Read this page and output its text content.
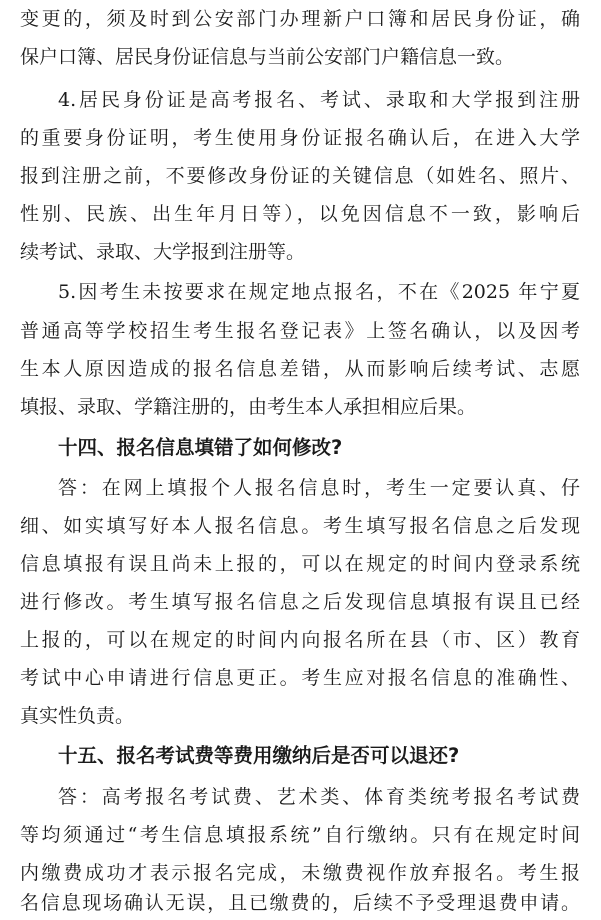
变更的，须及时到公安部门办理新户口簿和居民身份证，确
保户口簿、居民身份证信息与当前公安部门户籍信息一致。
4.居民身份证是高考报名、考试、录取和大学报到注册
的重要身份证明，考生使用身份证报名确认后，在进入大学
报到注册之前，不要修改身份证的关键信息（如姓名、照片、
性别、民族、出生年月日等），以免因信息不一致，影响后
续考试、录取、大学报到注册等。
5.因考生未按要求在规定地点报名，不在《2025 年宁夏
普通高等学校招生考生报名登记表》上签名确认，以及因考
生本人原因造成的报名信息差错，从而影响后续考试、志愿
填报、录取、学籍注册的，由考生本人承担相应后果。
十四、报名信息填错了如何修改?
答：在网上填报个人报名信息时，考生一定要认真、仔
细、如实填写好本人报名信息。考生填写报名信息之后发现
信息填报有误且尚未上报的，可以在规定的时间内登录系统
进行修改。考生填写报名信息之后发现信息填报有误且已经
上报的，可以在规定的时间内向报名所在县（市、区）教育
考试中心申请进行信息更正。考生应对报名信息的准确性、
真实性负责。
十五、报名考试费等费用缴纳后是否可以退还?
答：高考报名考试费、艺术类、体育类统考报名考试费
等均须通过“考生信息填报系统”自行缴纳。只有在规定时间
内缴费成功才表示报名完成，未缴费视作放弃报名。考生报
名信息现场确认无误，且已缴费的，后续不予受理退费申请。
